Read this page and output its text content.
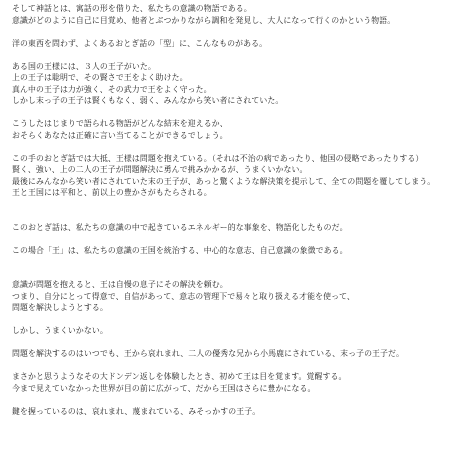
そして神話とは、寓話の形を借りた、私たちの意識の物語である。
意識がどのように自己に目覚め、他者とぶつかりながら調和を発見し、大人になって行くのかという物語。
洋の東西を問わず、よくあるおとぎ話の「型」に、こんなものがある。
ある国の王様には、３人の王子がいた。
上の王子は聡明で、その賢さで王をよく助けた。
真ん中の王子は力が強く、その武力で王をよく守った。
しかし末っ子の王子は賢くもなく、弱く、みんなから笑い者にされていた。
こうしたはじまりで語られる物語がどんな結末を迎えるか、
おそらくあなたは正確に言い当てることができるでしょう。
この手のおとぎ話では大抵、王様は問題を抱えている。（それは不治の病であったり、他国の侵略であったりする）
賢く、強い、上の二人の王子が問題解決に勇んで挑みかかるが、うまくいかない。
最後にみんなから笑い者にされていた末の王子が、あっと驚くような解決策を提示して、全ての問題を覆してしまう。
王と王国には平和と、前以上の豊かさがもたらされる。
このおとぎ話は、私たちの意識の中で起きているエネルギー的な事象を、物語化したものだ。
この場合「王」は、私たちの意識の王国を統治する、中心的な意志、自己意識の象徴である。
意識が問題を抱えると、王は自慢の息子にその解決を頼む。
つまり、自分にとって得意で、自信があって、意志の管理下で易々と取り扱える才能を使って、
問題を解決しようとする。
しかし、うまくいかない。
問題を解決するのはいつでも、王から哀れまれ、二人の優秀な兄から小馬鹿にされている、末っ子の王子だ。
まさかと思うようなその大ドンデン返しを体験したとき、初めて王は目を覚ます。覚醒する。
今まで見えていなかった世界が目の前に広がって、だから王国はさらに豊かになる。
鍵を握っているのは、哀れまれ、蔑まれている、みそっかすの王子。
